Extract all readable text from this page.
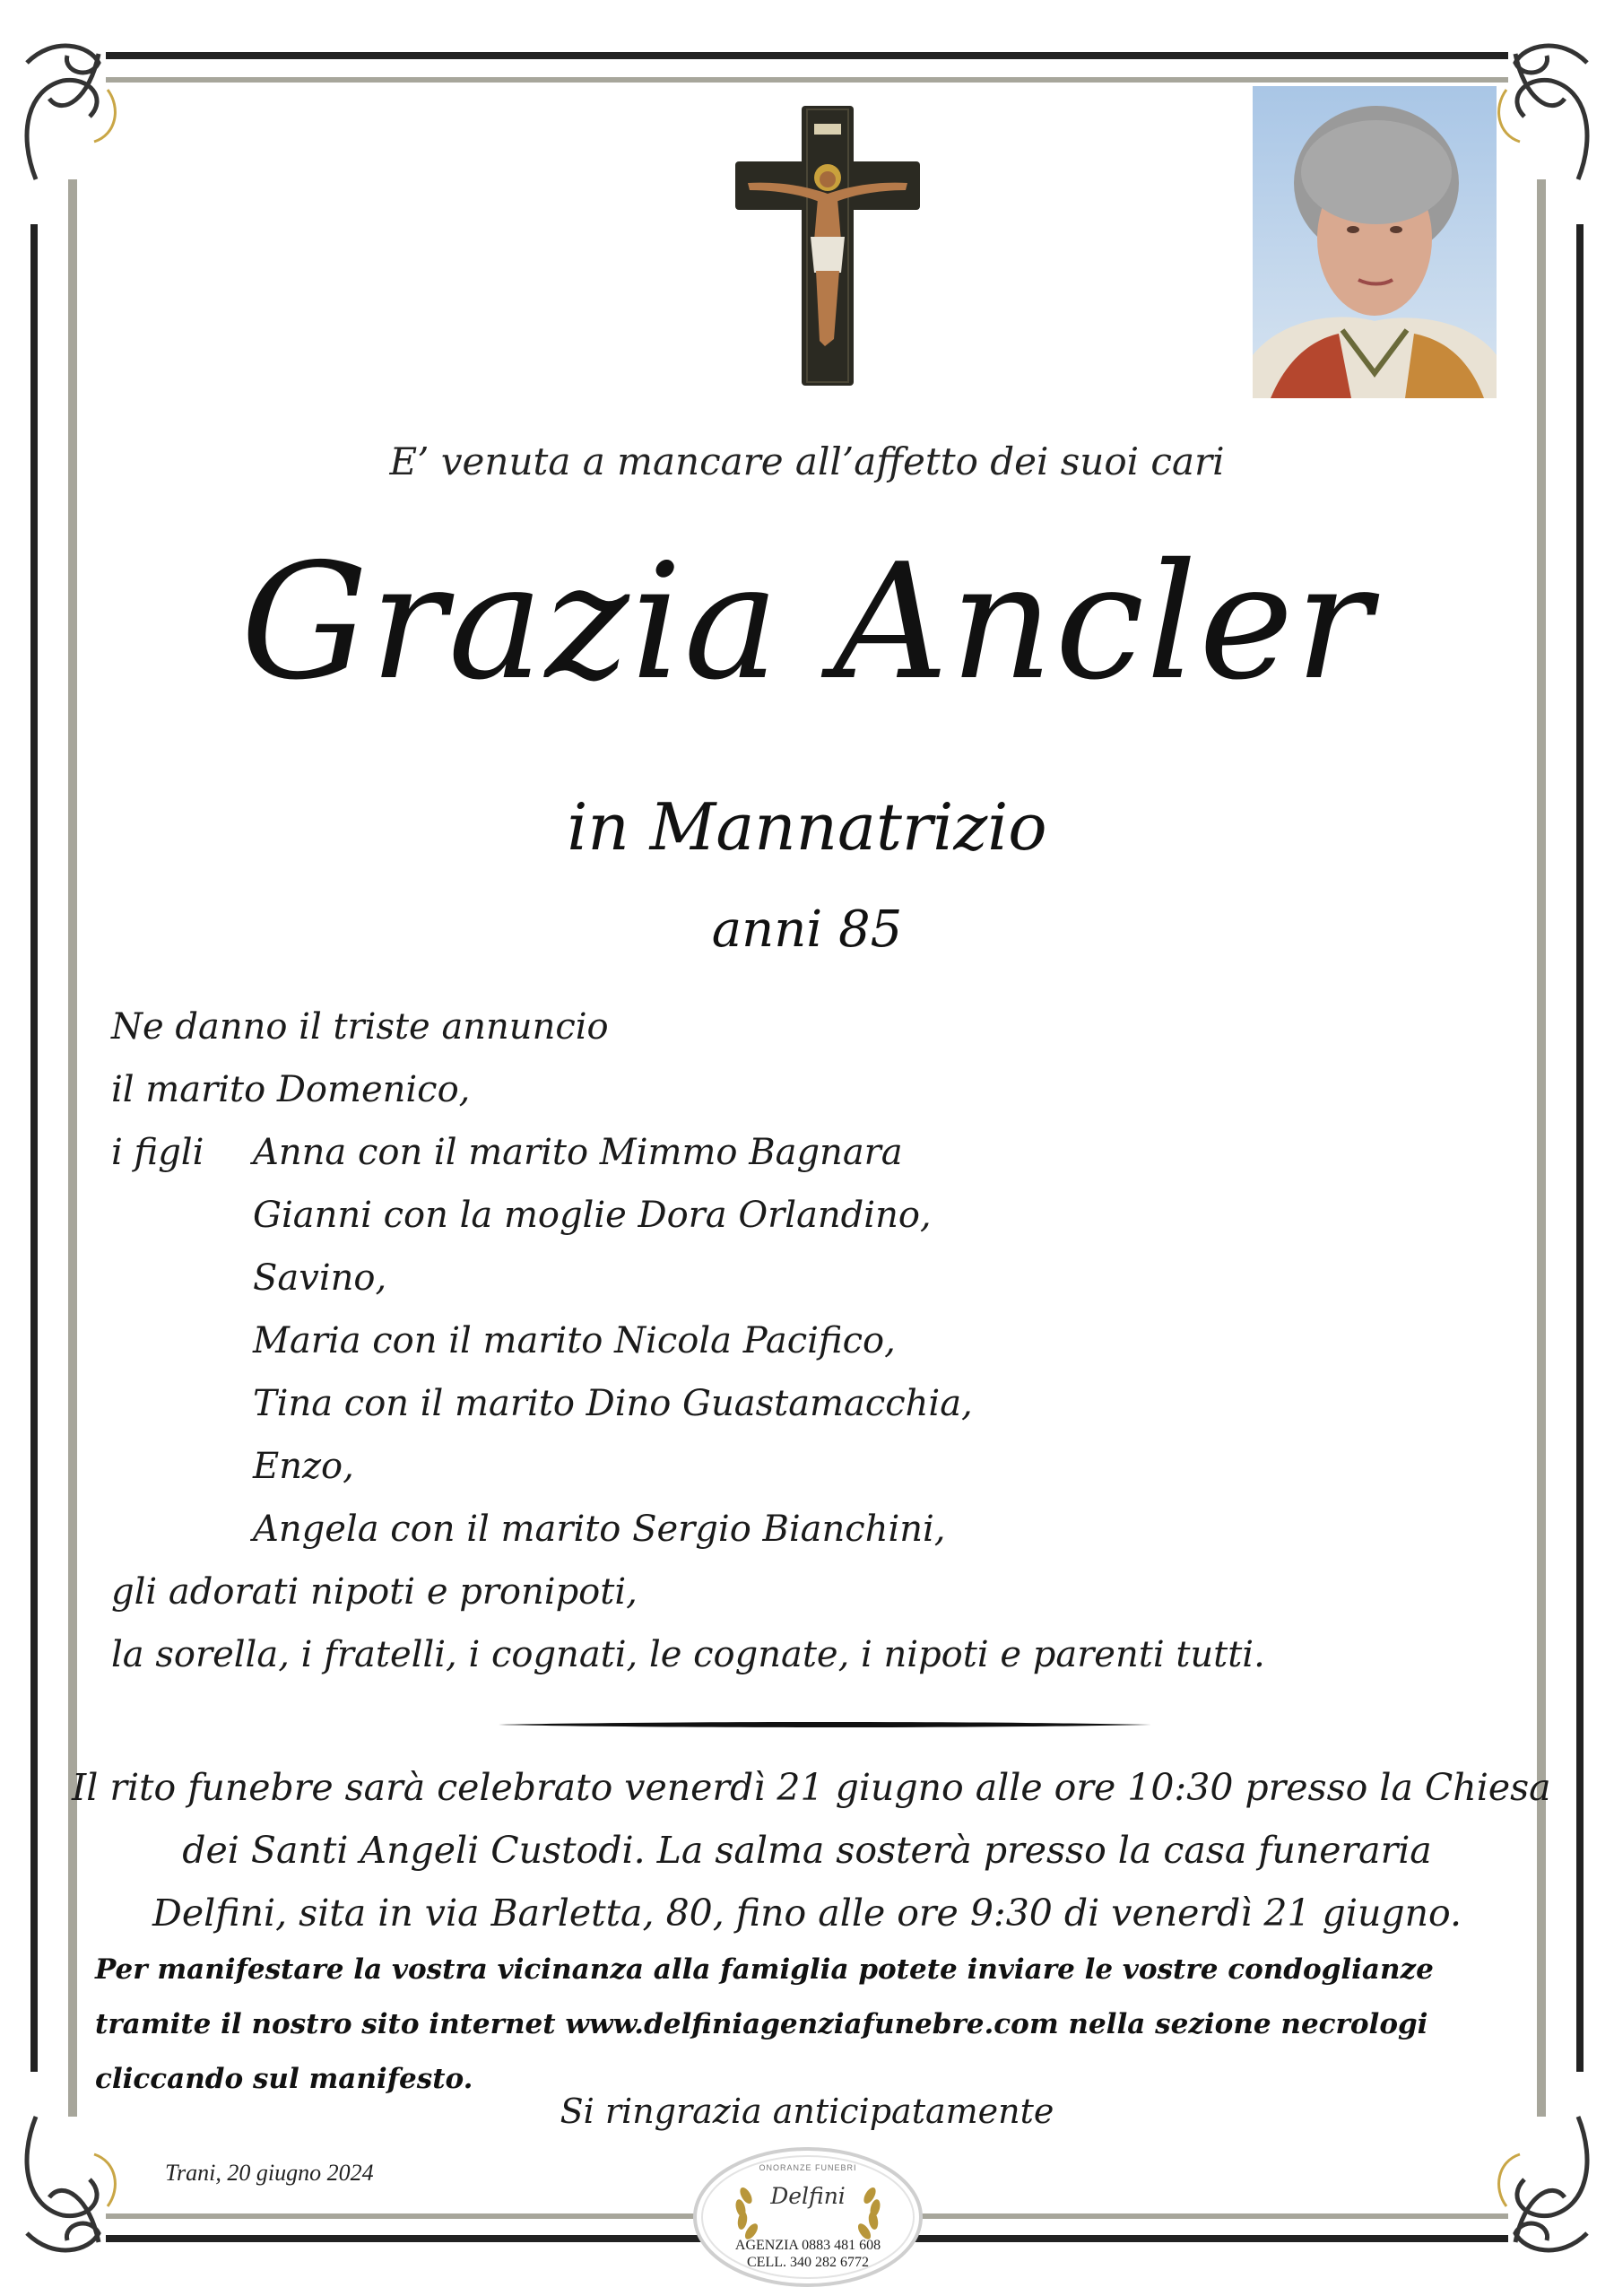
E’ venuta a mancare all’affetto dei suoi cari
Grazia Ancler
in Mannatrizio
anni 85
Ne danno il triste annuncio
il marito Domenico,
i figli Anna con il marito Mimmo Bagnara
Gianni con la moglie Dora Orlandino,
Savino,
Maria con il marito Nicola Pacifico,
Tina con il marito Dino Guastamacchia,
Enzo,
Angela con il marito Sergio Bianchini,
gli adorati nipoti e pronipoti,
la sorella, i fratelli, i cognati, le cognate, i nipoti e parenti tutti.
Il rito funebre sarà celebrato venerdì 21 giugno alle ore 10:30 presso la Chiesa
dei Santi Angeli Custodi. La salma sosterà presso la casa funeraria
Delfini, sita in via Barletta, 80, fino alle ore 9:30 di venerdì 21 giugno.
Per manifestare la vostra vicinanza alla famiglia potete inviare le vostre condoglianze
tramite il nostro sito internet www.delfiniagenziafunebre.com nella sezione necrologi
cliccando sul manifesto.
Si ringrazia anticipatamente
Trani, 20 giugno 2024	ONORANZE FUNEBRI
Delfini
AGENZIA 0883 481 608
CELL. 340 282 6772
